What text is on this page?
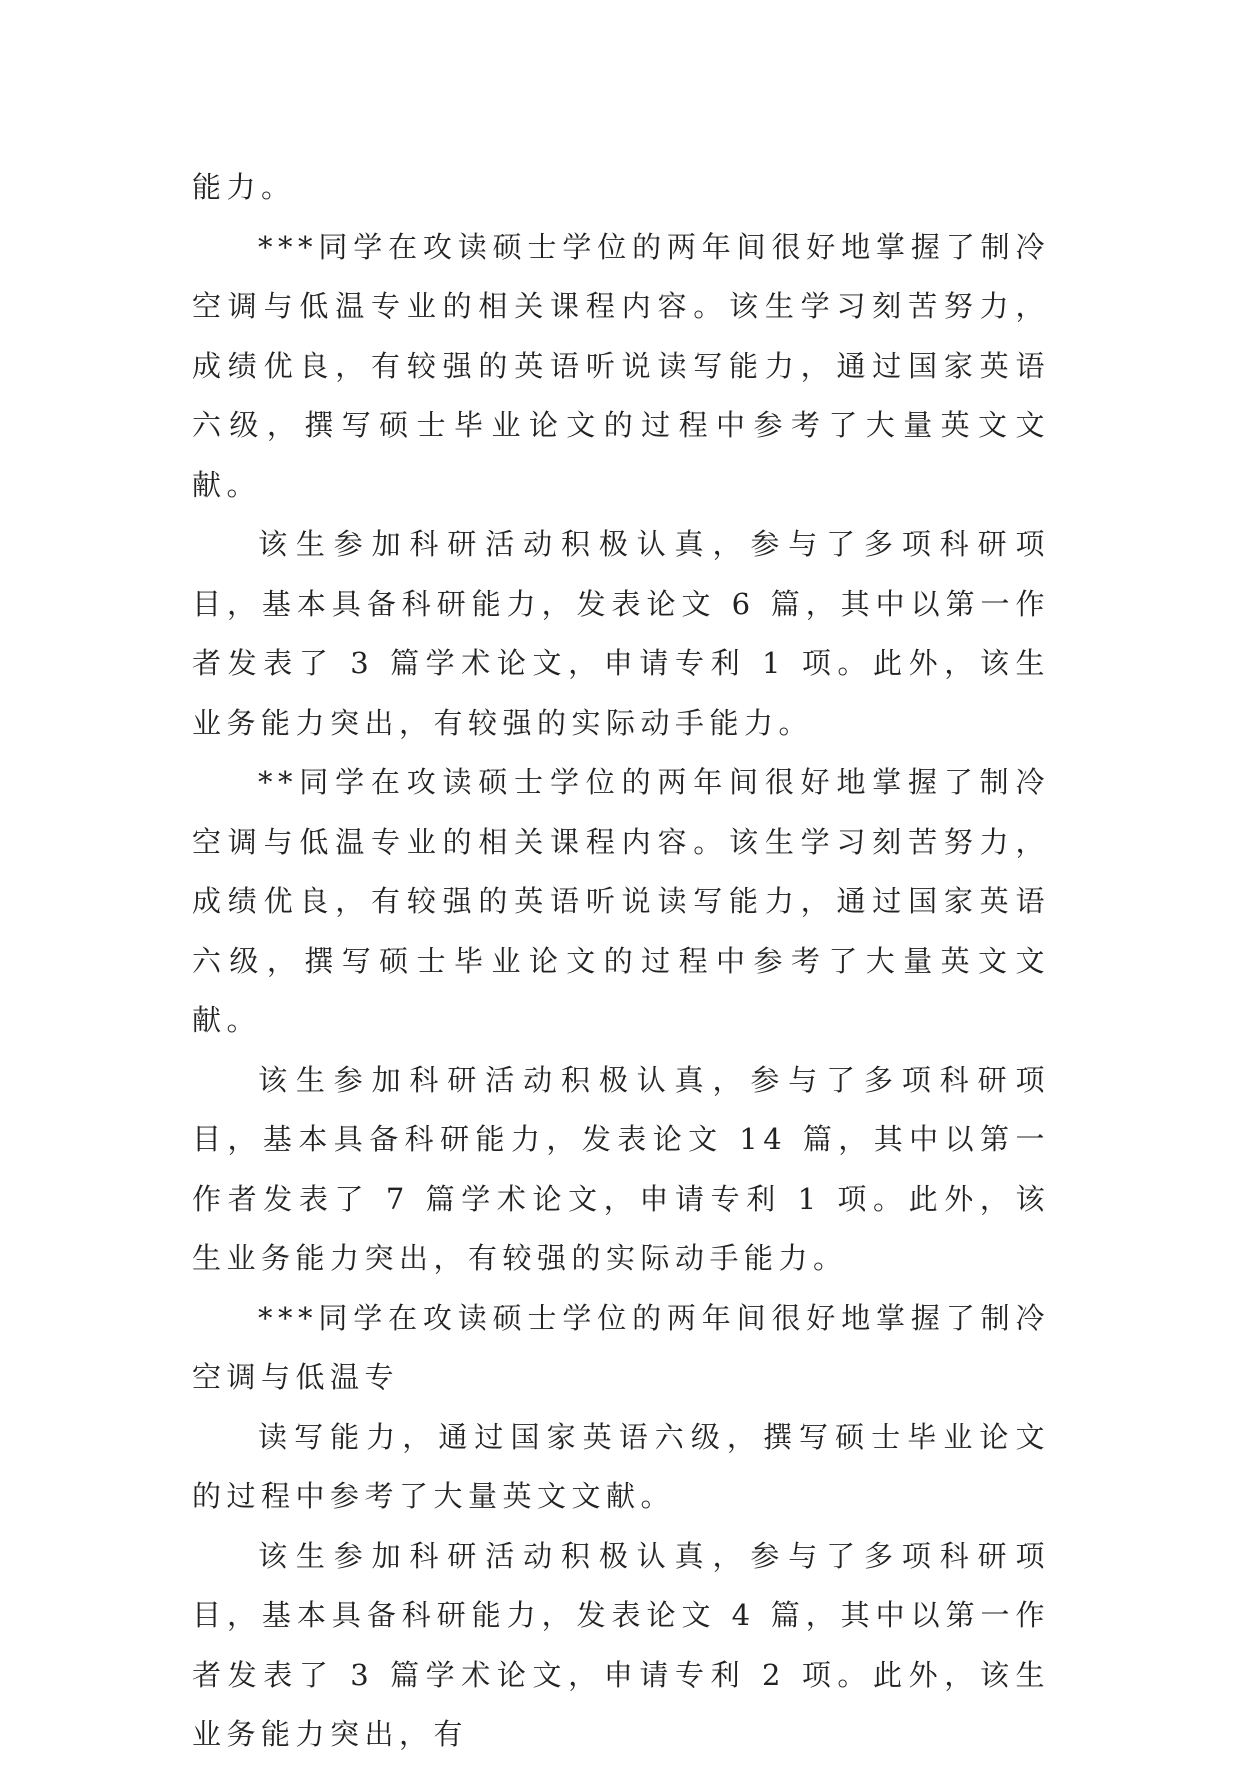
能力。

***同学在攻读硕士学位的两年间很好地掌握了制冷空调与低温专业的相关课程内容。该生学习刻苦努力，成绩优良，有较强的英语听说读写能力，通过国家英语六级，撰写硕士毕业论文的过程中参考了大量英文文献。

该生参加科研活动积极认真，参与了多项科研项目，基本具备科研能力，发表论文 6 篇，其中以第一作者发表了 3 篇学术论文，申请专利 1 项。此外，该生业务能力突出，有较强的实际动手能力。

**同学在攻读硕士学位的两年间很好地掌握了制冷空调与低温专业的相关课程内容。该生学习刻苦努力，成绩优良，有较强的英语听说读写能力，通过国家英语六级，撰写硕士毕业论文的过程中参考了大量英文文献。

该生参加科研活动积极认真，参与了多项科研项目，基本具备科研能力，发表论文 14 篇，其中以第一作者发表了 7 篇学术论文，申请专利 1 项。此外，该生业务能力突出，有较强的实际动手能力。

***同学在攻读硕士学位的两年间很好地掌握了制冷空调与低温专

读写能力，通过国家英语六级，撰写硕士毕业论文的过程中参考了大量英文文献。

该生参加科研活动积极认真，参与了多项科研项目，基本具备科研能力，发表论文 4 篇，其中以第一作者发表了 3 篇学术论文，申请专利 2 项。此外，该生业务能力突出，有
